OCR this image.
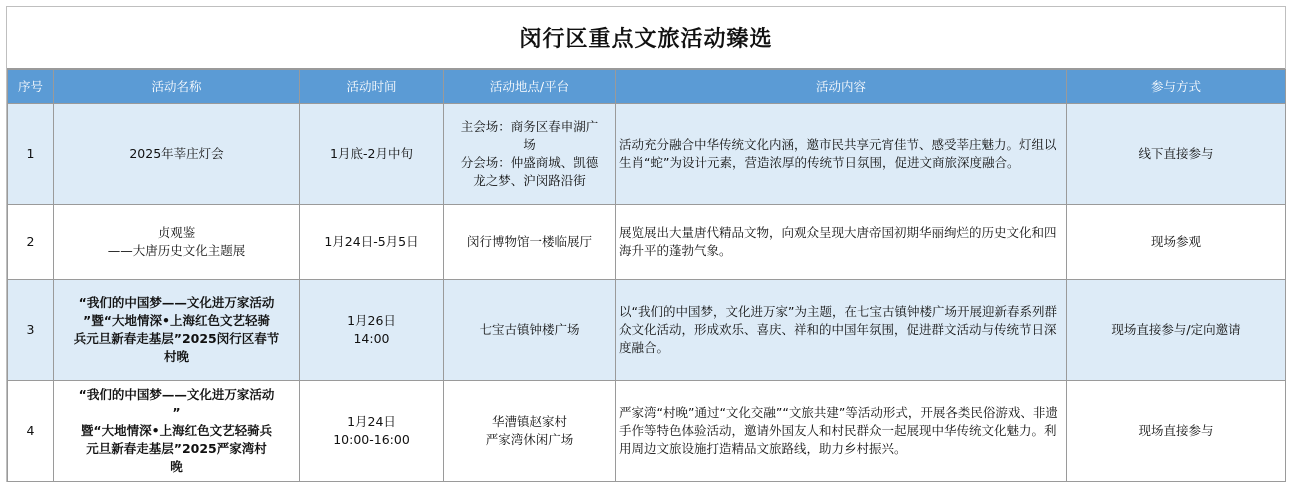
闵行区重点文旅活动臻选
序号	活动名称	活动时间	活动地点/平台	活动内容	参与方式
1	2025年莘庄灯会	1月底-2月中旬	主会场：商务区春申湖广
场
分会场：仲盛商城、凯德
龙之梦、沪闵路沿街	活动充分融合中华传统文化内涵，邀市民共享元宵佳节、感受莘庄魅力。灯组以生肖“蛇”为设计元素，营造浓厚的传统节日氛围，促进文商旅深度融合。	线下直接参与
2	贞观鉴
——大唐历史文化主题展	1月24日-5月5日	闵行博物馆一楼临展厅	展览展出大量唐代精品文物，向观众呈现大唐帝国初期华丽绚烂的历史文化和四海升平的蓬勃气象。	现场参观
3	“我们的中国梦——文化进万家活动
”暨“大地情深•上海红色文艺轻骑
兵元旦新春走基层”2025闵行区春节
村晚	1月26日
14:00	七宝古镇钟楼广场	以“我们的中国梦，文化进万家”为主题，在七宝古镇钟楼广场开展迎新春系列群众文化活动，形成欢乐、喜庆、祥和的中国年氛围，促进群文活动与传统节日深度融合。	现场直接参与/定向邀请
4	“我们的中国梦——文化进万家活动
”
暨“大地情深•上海红色文艺轻骑兵
元旦新春走基层”2025严家湾村
晚	1月24日
10:00-16:00	华漕镇赵家村
严家湾休闲广场	严家湾“村晚”通过“文化交融”“文旅共建”等活动形式，开展各类民俗游戏、非遗手作等特色体验活动，邀请外国友人和村民群众一起展现中华传统文化魅力。利用周边文旅设施打造精品文旅路线，助力乡村振兴。	现场直接参与
